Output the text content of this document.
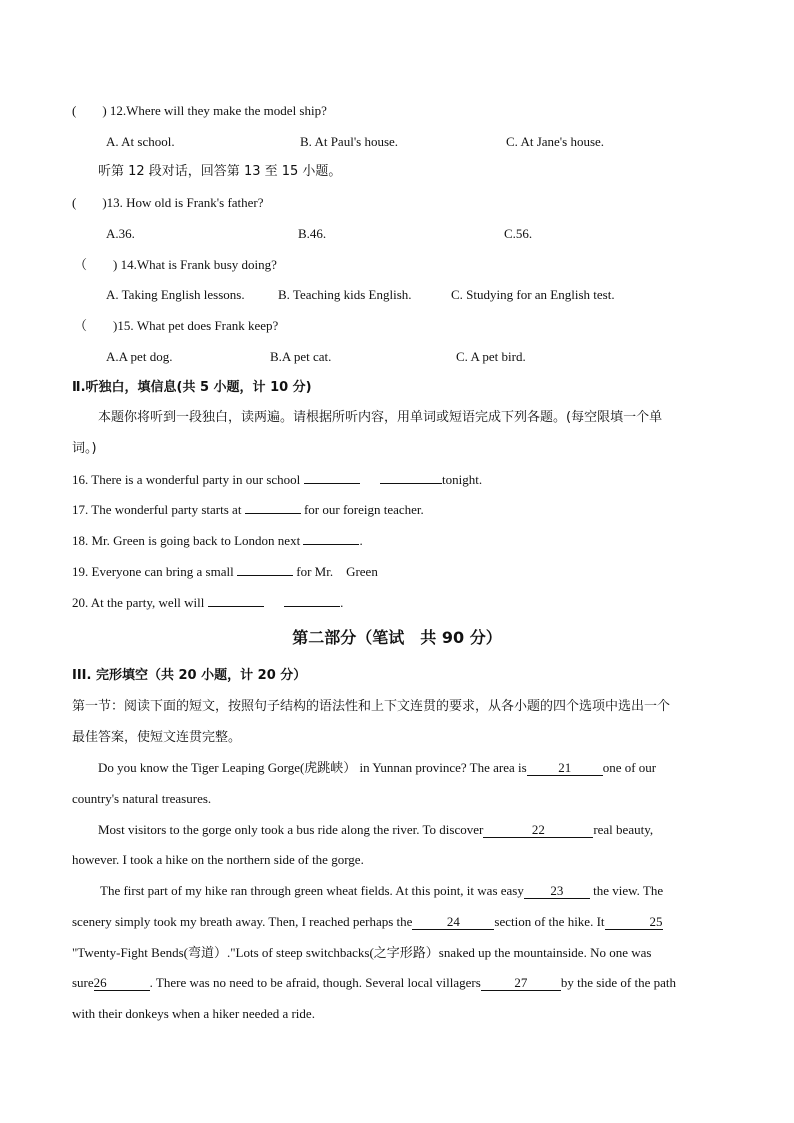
(　　) 12.Where will they make the model ship?
A. At school.	B. At Paul's house.	C. At Jane's house.
听第 12 段对话，回答第 13 至 15 小题。
(　　)13. How old is Frank's father?
A.36.	B.46.	C.56.
（　　) 14.What is Frank busy doing?
A. Taking English lessons.	B. Teaching kids English.	C. Studying for an English test.
（　　)15. What pet does Frank keep?
A.A pet dog.	B.A pet cat.	C. A pet bird.
Ⅱ.听独白，填信息(共 5 小题，计 10 分)
本题你将听到一段独白，读两遍。请根据所听内容，用单词或短语完成下列各题。(每空限填一个单
词。)
16. There is a wonderful party in our school	tonight.
17. The wonderful party starts at	for our foreign teacher.
18. Mr. Green is going back to London next	.
19. Everyone can bring a small	for Mr.　Green
20. At the party, well will	.
第二部分（笔试　共 90 分）
III. 完形填空（共 20 小题，计 20 分）
第一节：阅读下面的短文，按照句子结构的语法性和上下文连贯的要求，从各小题的四个选项中选出一个
最佳答案，使短文连贯完整。
Do you know the Tiger Leaping Gorge(虎跳峡） in Yunnan province? The area is 21 one of our
country's natural treasures.
Most visitors to the gorge only took a bus ride along the river. To discover	22	real beauty,
however. I took a hike on the northern side of the gorge.
The first part of my hike ran through green wheat fields. At this point, it was easy 23 the view. The
scenery simply took my breath away. Then, I reached perhaps the	24	section of the hike. It	25
"Twenty-Fight Bends(弯道）."Lots of steep switchbacks(之字形路）snaked up the mountainside. No one was
sure26	. There was no need to be afraid, though. Several local villagers	27	by the side of the path
with their donkeys when a hiker needed a ride.
